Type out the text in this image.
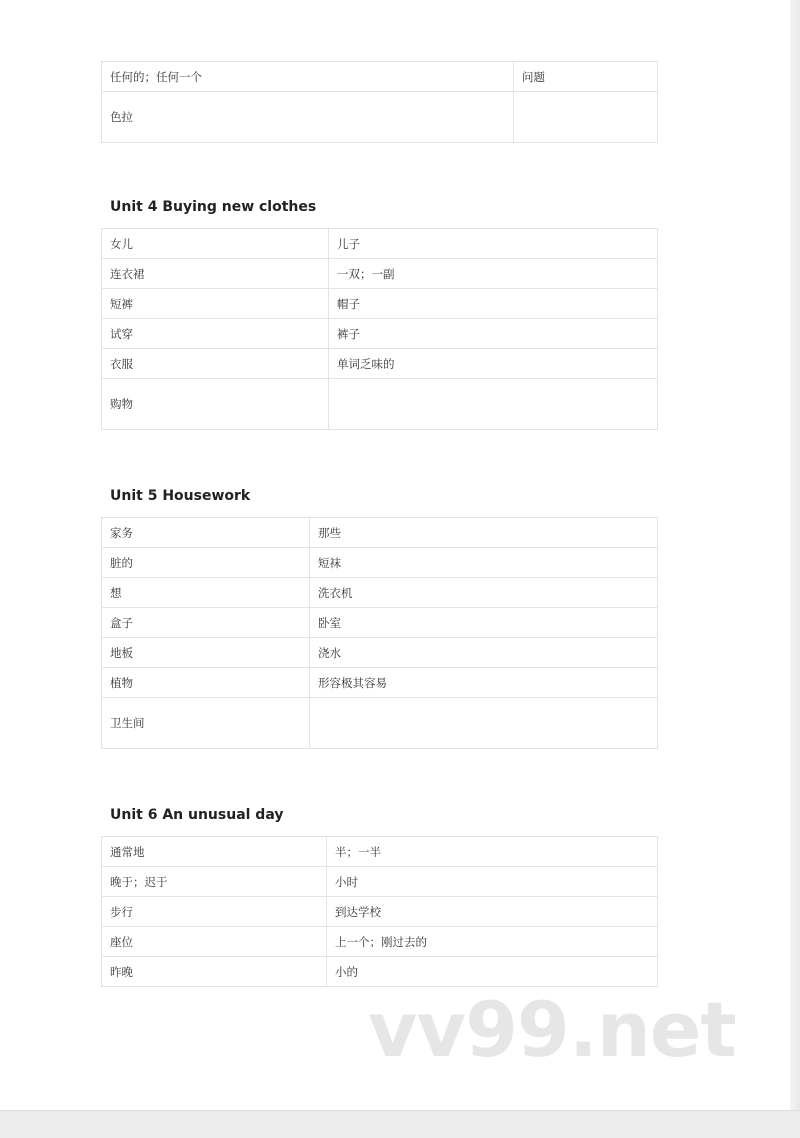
任何的；任何一个	问题
色拉	
Unit 4 Buying new clothes
女儿	儿子
连衣裙	一双；一副
短裤	帽子
试穿	裤子
衣服	单词乏味的
购物	
Unit 5 Housework
家务	那些
脏的	短袜
想	洗衣机
盒子	卧室
地板	浇水
植物	形容极其容易
卫生间	
Unit 6 An unusual day
通常地	半；一半
晚于；迟于	小时
步行	到达学校
座位	上一个；刚过去的
昨晚	小的
vv99.net
